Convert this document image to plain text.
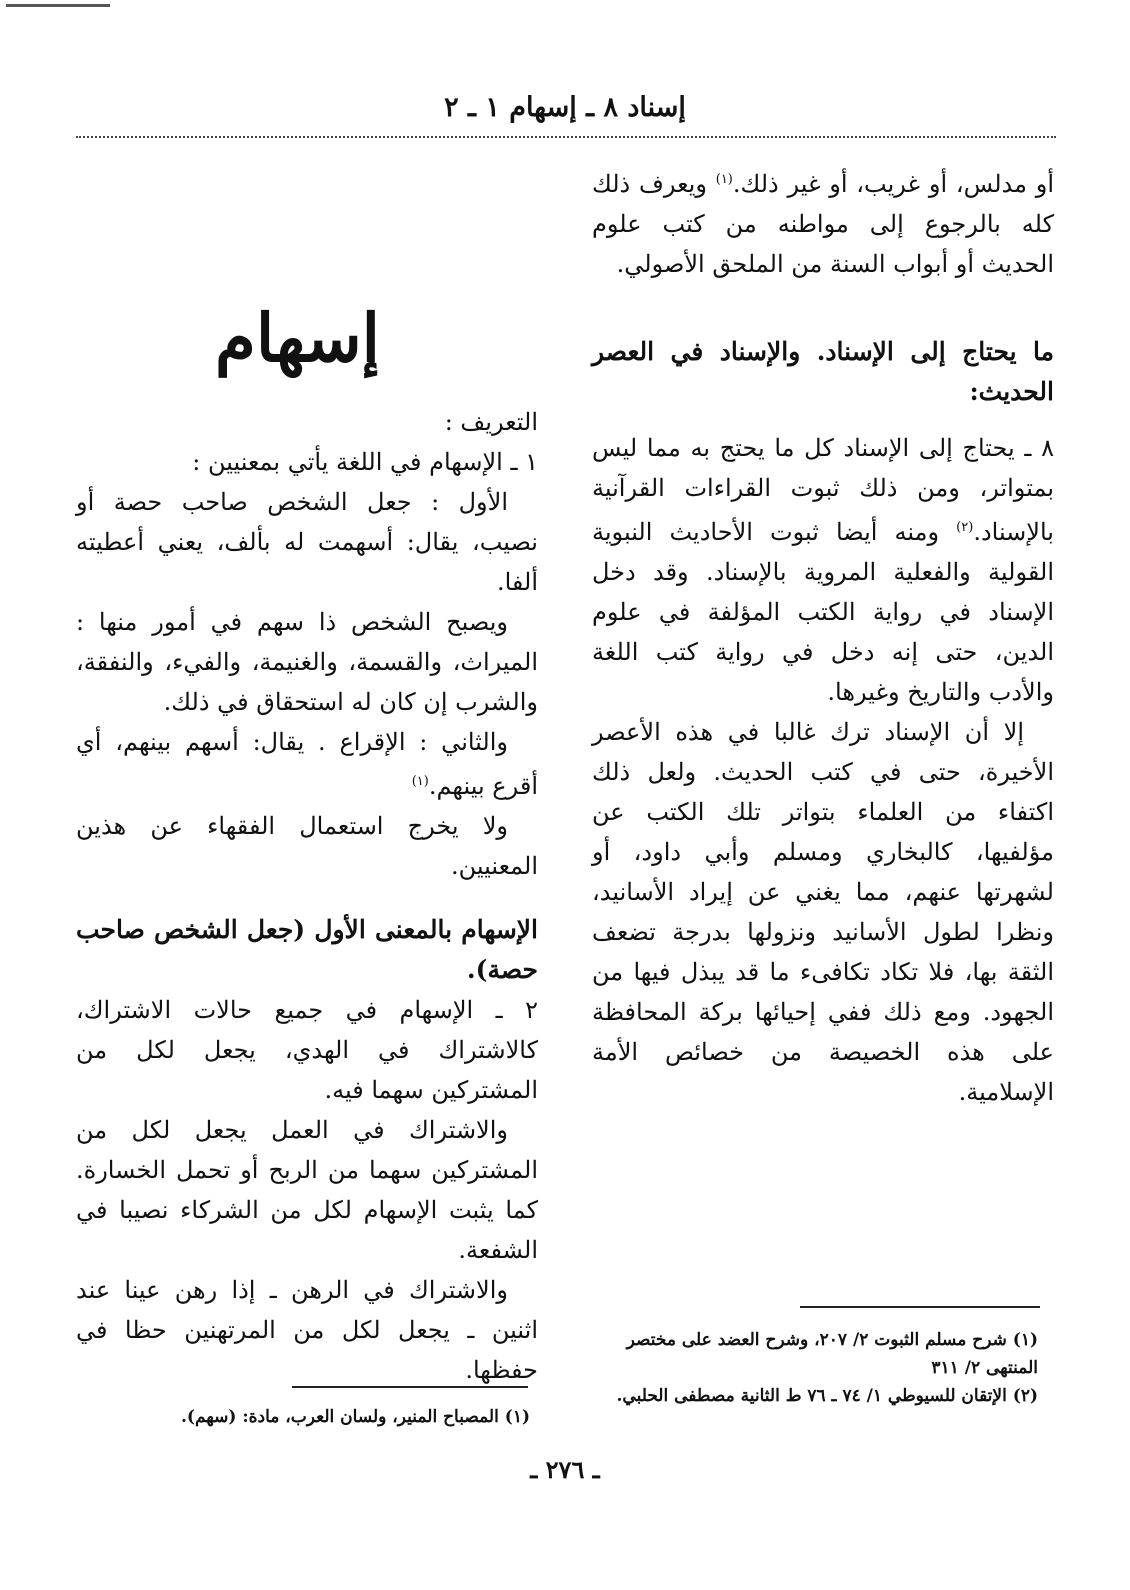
إسناد ٨ ـ إسهام ١ ـ ٢

أو مدلس، أو غريب، أو غير ذلك.$^{(١)}$ ويعرف ذلك كله بالرجوع إلى مواطنه من كتب علوم الحديث أو أبواب السنة من الملحق الأصولي.

ما يحتاج إلى الإسناد. والإسناد في العصر الحديث:

٨ ـ يحتاج إلى الإسناد كل ما يحتج به مما ليس بمتواتر، ومن ذلك ثبوت القراءات القرآنية بالإسناد.$^{(٢)}$ ومنه أيضا ثبوت الأحاديث النبوية القولية والفعلية المروية بالإسناد. وقد دخل الإسناد في رواية الكتب المؤلفة في علوم الدين، حتى إنه دخل في رواية كتب اللغة والأدب والتاريخ وغيرها.

إلا أن الإسناد ترك غالبا في هذه الأعصر الأخيرة، حتى في كتب الحديث. ولعل ذلك اكتفاء من العلماء بتواتر تلك الكتب عن مؤلفيها، كالبخاري ومسلم وأبي داود، أو لشهرتها عنهم، مما يغني عن إيراد الأسانيد، ونظرا لطول الأسانيد ونزولها بدرجة تضعف الثقة بها، فلا تكاد تكافىء ما قد يبذل فيها من الجهود. ومع ذلك ففي إحيائها بركة المحافظة على هذه الخصيصة من خصائص الأمة الإسلامية.

إسهام

التعريف :

١ ـ الإسهام في اللغة يأتي بمعنيين :

الأول : جعل الشخص صاحب حصة أو نصيب، يقال: أسهمت له بألف، يعني أعطيته ألفا.

ويصبح الشخص ذا سهم في أمور منها : الميراث، والقسمة، والغنيمة، والفيء، والنفقة، والشرب إن كان له استحقاق في ذلك.

والثاني : الإقراع . يقال: أسهم بينهم، أي أقرع بينهم.$^{(١)}$

ولا يخرج استعمال الفقهاء عن هذين المعنيين.

الإسهام بالمعنى الأول (جعل الشخص صاحب حصة).

٢ ـ الإسهام في جميع حالات الاشتراك، كالاشتراك في الهدي، يجعل لكل من المشتركين سهما فيه.

والاشتراك في العمل يجعل لكل من المشتركين سهما من الربح أو تحمل الخسارة. كما يثبت الإسهام لكل من الشركاء نصيبا في الشفعة.

والاشتراك في الرهن ـ إذا رهن عينا عند اثنين ـ يجعل لكل من المرتهنين حظا في حفظها.

(١) شرح مسلم الثبوت ٢/ ٢٠٧، وشرح العضد على مختصر المنتهى ٢/ ٣١١

(٢) الإتقان للسيوطي ١/ ٧٤ ـ ٧٦ ط الثانية مصطفى الحلبي.

(١) المصباح المنير، ولسان العرب، مادة: (سهم).

ـ ٢٧٦ ـ
